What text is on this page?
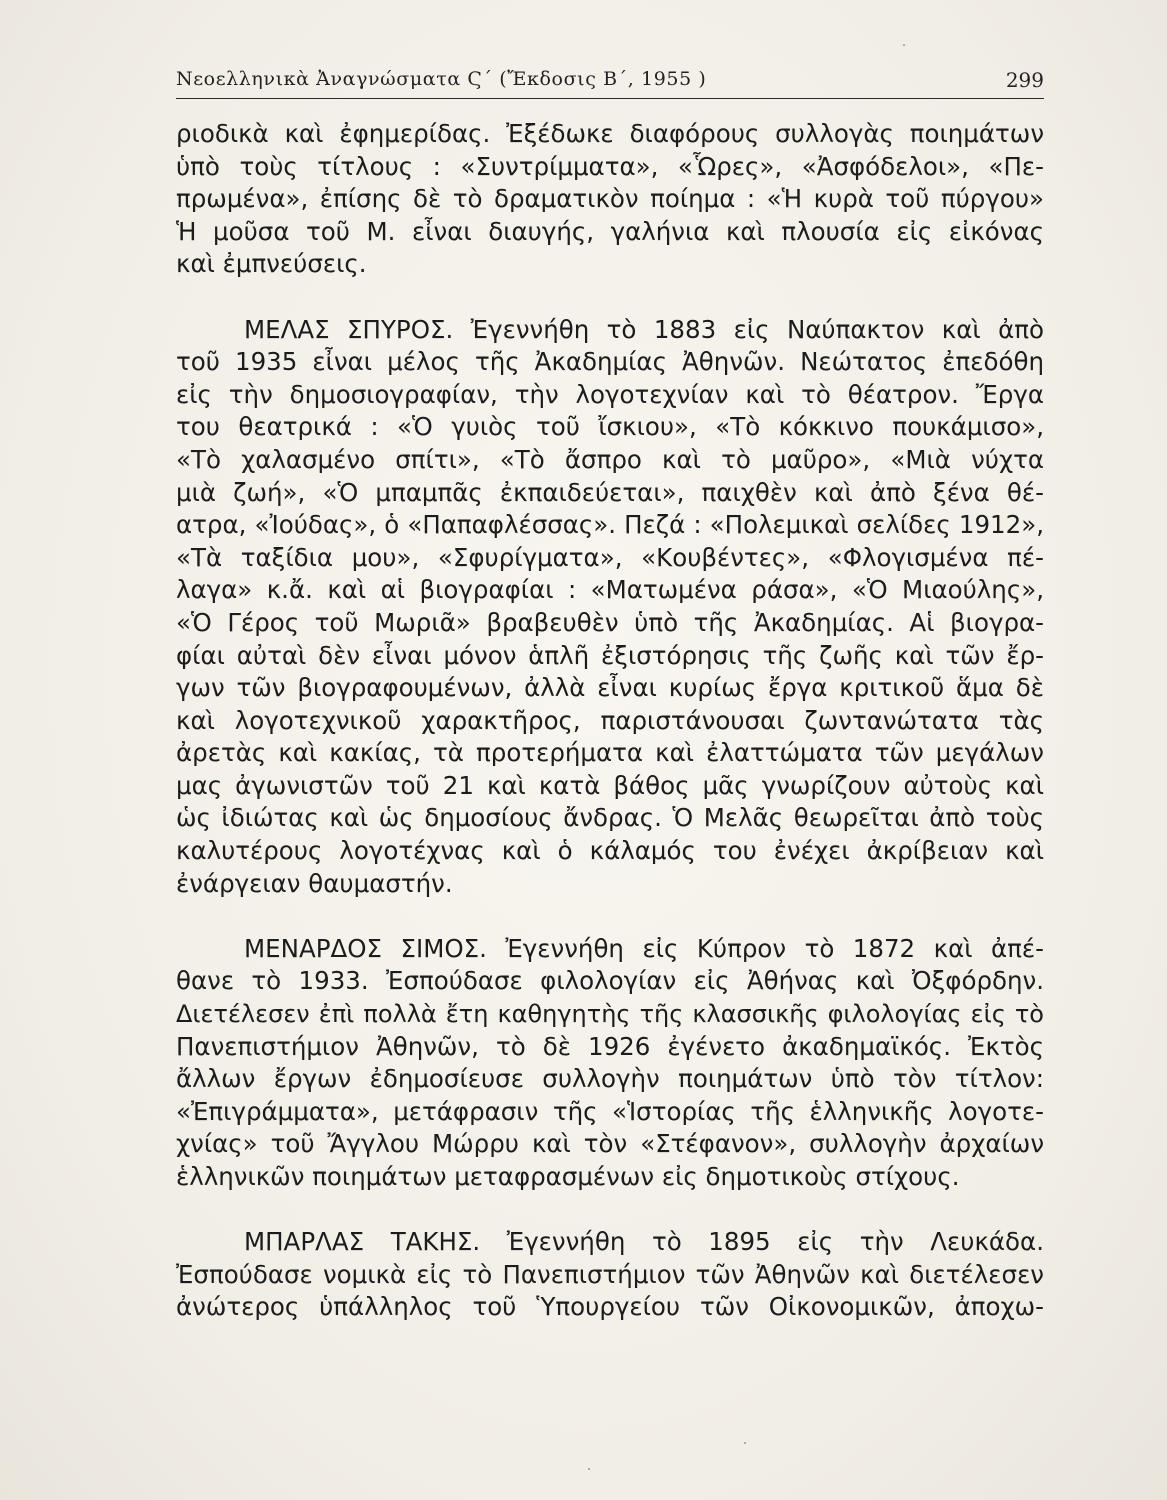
Νεοελληνικὰ Ἀναγνώσματα Ϛ΄ (Ἔκδοσις Β΄, 1955 )	299
ριοδικὰ καὶ ἐφημερίδας. Ἐξέδωκε διαφόρους συλλογὰς ποιημάτων
ὑπὸ τοὺς τίτλους : «Συντρίμματα», «Ὧρες», «Ἀσφόδελοι», «Πε-
πρωμένα», ἐπίσης δὲ τὸ δραματικὸν ποίημα : «Ἡ κυρὰ τοῦ πύργου»
Ἡ μοῦσα τοῦ Μ. εἶναι διαυγής, γαλήνια καὶ πλουσία εἰς εἰκόνας
καὶ ἐμπνεύσεις.
ΜΕΛΑΣ ΣΠΥΡΟΣ. Ἐγεννήθη τὸ 1883 εἰς Ναύπακτον καὶ ἀπὸ
τοῦ 1935 εἶναι μέλος τῆς Ἀκαδημίας Ἀθηνῶν. Νεώτατος ἐπεδόθη
εἰς τὴν δημοσιογραφίαν, τὴν λογοτεχνίαν καὶ τὸ θέατρον. Ἔργα
του θεατρικά : «Ὁ γυιὸς τοῦ ἴσκιου», «Τὸ κόκκινο πουκάμισο»,
«Τὸ χαλασμένο σπίτι», «Τὸ ἄσπρο καὶ τὸ μαῦρο», «Μιὰ νύχτα
μιὰ ζωή», «Ὁ μπαμπᾶς ἐκπαιδεύεται», παιχθὲν καὶ ἀπὸ ξένα θέ-
ατρα, «Ἰούδας», ὁ «Παπαφλέσσας». Πεζά : «Πολεμικαὶ σελίδες 1912»,
«Τὰ ταξίδια μου», «Σφυρίγματα», «Κουβέντες», «Φλογισμένα πέ-
λαγα» κ.ἄ. καὶ αἱ βιογραφίαι : «Ματωμένα ράσα», «Ὁ Μιαούλης»,
«Ὁ Γέρος τοῦ Μωριᾶ» βραβευθὲν ὑπὸ τῆς Ἀκαδημίας. Αἱ βιογρα-
φίαι αὐταὶ δὲν εἶναι μόνον ἁπλῆ ἐξιστόρησις τῆς ζωῆς καὶ τῶν ἔρ-
γων τῶν βιογραφουμένων, ἀλλὰ εἶναι κυρίως ἔργα κριτικοῦ ἅμα δὲ
καὶ λογοτεχνικοῦ χαρακτῆρος, παριστάνουσαι ζωντανώτατα τὰς
ἀρετὰς καὶ κακίας, τὰ προτερήματα καὶ ἐλαττώματα τῶν μεγάλων
μας ἀγωνιστῶν τοῦ 21 καὶ κατὰ βάθος μᾶς γνωρίζουν αὐτοὺς καὶ
ὡς ἰδιώτας καὶ ὡς δημοσίους ἄνδρας. Ὁ Μελᾶς θεωρεῖται ἀπὸ τοὺς
καλυτέρους λογοτέχνας καὶ ὁ κάλαμός του ἐνέχει ἀκρίβειαν καὶ
ἐνάργειαν θαυμαστήν.
ΜΕΝΑΡΔΟΣ ΣΙΜΟΣ. Ἐγεννήθη εἰς Κύπρον τὸ 1872 καὶ ἀπέ-
θανε τὸ 1933. Ἐσπούδασε φιλολογίαν εἰς Ἀθήνας καὶ Ὀξφόρδην.
Διετέλεσεν ἐπὶ πολλὰ ἔτη καθηγητὴς τῆς κλασσικῆς φιλολογίας εἰς τὸ
Πανεπιστήμιον Ἀθηνῶν, τὸ δὲ 1926 ἐγένετο ἀκαδημαϊκός. Ἐκτὸς
ἄλλων ἔργων ἐδημοσίευσε συλλογὴν ποιημάτων ὑπὸ τὸν τίτλον:
«Ἐπιγράμματα», μετάφρασιν τῆς «Ἱστορίας τῆς ἑλληνικῆς λογοτε-
χνίας» τοῦ Ἄγγλου Μώρρυ καὶ τὸν «Στέφανον», συλλογὴν ἀρχαίων
ἑλληνικῶν ποιημάτων μεταφρασμένων εἰς δημοτικοὺς στίχους.
ΜΠΑΡΛΑΣ ΤΑΚΗΣ. Ἐγεννήθη τὸ 1895 εἰς τὴν Λευκάδα.
Ἐσπούδασε νομικὰ εἰς τὸ Πανεπιστήμιον τῶν Ἀθηνῶν καὶ διετέλεσεν
ἀνώτερος ὑπάλληλος τοῦ Ὑπουργείου τῶν Οἰκονομικῶν, ἀποχω-
